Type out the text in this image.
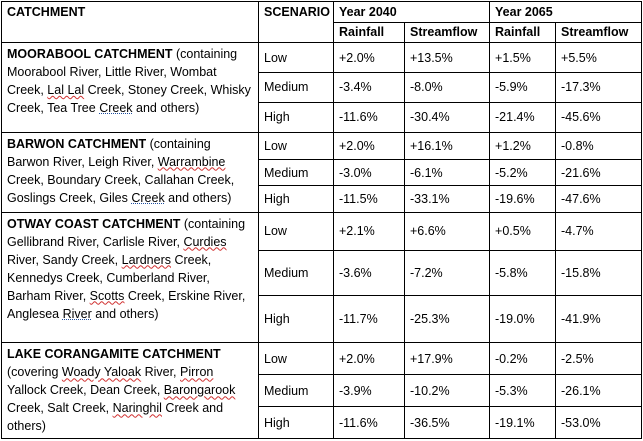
CATCHMENT	SCENARIO	Year 2040		Year 2065	
		Rainfall	Streamflow	Rainfall	Streamflow
MOORABOOL CATCHMENT (containing Moorabool River, Little River, Wombat Creek, Lal Lal Creek, Stoney Creek, Whisky Creek, Tea Tree Creek and others)	Low	+2.0%	+13.5%	+1.5%	+5.5%
	Medium	-3.4%	-8.0%	-5.9%	-17.3%
	High	-11.6%	-30.4%	-21.4%	-45.6%
BARWON CATCHMENT (containing Barwon River, Leigh River, Warrambine Creek, Boundary Creek, Callahan Creek, Goslings Creek, Giles Creek and others)	Low	+2.0%	+16.1%	+1.2%	-0.8%
	Medium	-3.0%	-6.1%	-5.2%	-21.6%
	High	-11.5%	-33.1%	-19.6%	-47.6%
OTWAY COAST CATCHMENT (containing Gellibrand River, Carlisle River, Curdies River, Sandy Creek, Lardners Creek, Kennedys Creek, Cumberland River, Barham River, Scotts Creek, Erskine River, Anglesea River and others)	Low	+2.1%	+6.6%	+0.5%	-4.7%
	Medium	-3.6%	-7.2%	-5.8%	-15.8%
	High	-11.7%	-25.3%	-19.0%	-41.9%
LAKE CORANGAMITE CATCHMENT (covering Woady Yaloak River, Pirron Yallock Creek, Dean Creek, Barongarook Creek, Salt Creek, Naringhil Creek and others)	Low	+2.0%	+17.9%	-0.2%	-2.5%
	Medium	-3.9%	-10.2%	-5.3%	-26.1%
	High	-11.6%	-36.5%	-19.1%	-53.0%
